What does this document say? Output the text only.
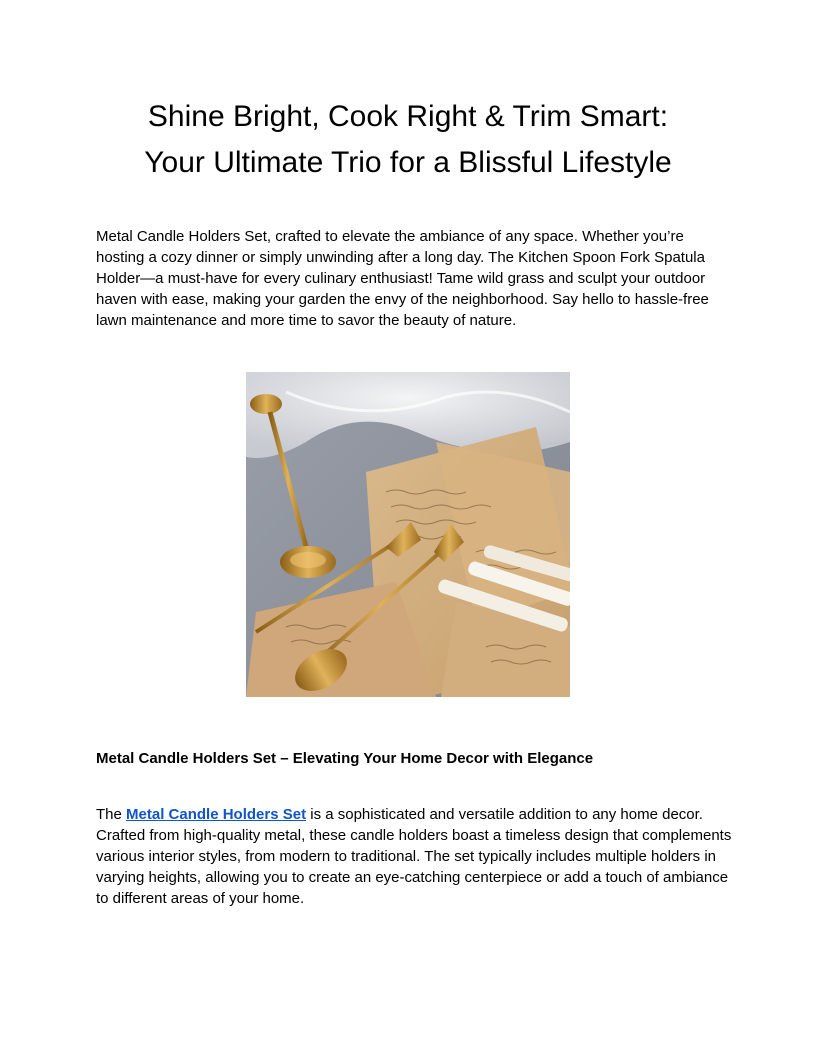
Shine Bright, Cook Right & Trim Smart:
Your Ultimate Trio for a Blissful Lifestyle

Metal Candle Holders Set, crafted to elevate the ambiance of any space. Whether you’re hosting a cozy dinner or simply unwinding after a long day. The Kitchen Spoon Fork Spatula Holder—a must-have for every culinary enthusiast! Tame wild grass and sculpt your outdoor haven with ease, making your garden the envy of the neighborhood. Say hello to hassle-free lawn maintenance and more time to savor the beauty of nature.

Metal Candle Holders Set – Elevating Your Home Decor with Elegance

The Metal Candle Holders Set is a sophisticated and versatile addition to any home decor. Crafted from high-quality metal, these candle holders boast a timeless design that complements various interior styles, from modern to traditional. The set typically includes multiple holders in varying heights, allowing you to create an eye-catching centerpiece or add a touch of ambiance to different areas of your home.
